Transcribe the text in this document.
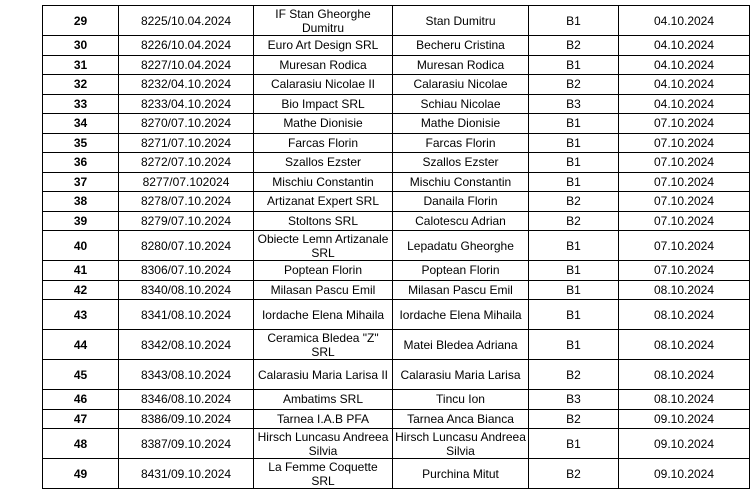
29	8225/10.04.2024	IF Stan Gheorghe Dumitru	Stan Dumitru	B1	04.10.2024
30	8226/10.04.2024	Euro Art Design SRL	Becheru Cristina	B2	04.10.2024
31	8227/10.04.2024	Muresan Rodica	Muresan Rodica	B1	04.10.2024
32	8232/04.10.2024	Calarasiu Nicolae II	Calarasiu Nicolae	B2	04.10.2024
33	8233/04.10.2024	Bio Impact SRL	Schiau Nicolae	B3	04.10.2024
34	8270/07.10.2024	Mathe Dionisie	Mathe Dionisie	B1	07.10.2024
35	8271/07.10.2024	Farcas Florin	Farcas Florin	B1	07.10.2024
36	8272/07.10.2024	Szallos Ezster	Szallos Ezster	B1	07.10.2024
37	8277/07.102024	Mischiu Constantin	Mischiu Constantin	B1	07.10.2024
38	8278/07.10.2024	Artizanat Expert SRL	Danaila Florin	B2	07.10.2024
39	8279/07.10.2024	Stoltons SRL	Calotescu Adrian	B2	07.10.2024
40	8280/07.10.2024	Obiecte Lemn Artizanale SRL	Lepadatu Gheorghe	B1	07.10.2024
41	8306/07.10.2024	Poptean Florin	Poptean Florin	B1	07.10.2024
42	8340/08.10.2024	Milasan Pascu Emil	Milasan Pascu Emil	B1	08.10.2024
43	8341/08.10.2024	Iordache Elena Mihaila	Iordache Elena Mihaila	B1	08.10.2024
44	8342/08.10.2024	Ceramica Bledea "Z" SRL	Matei Bledea Adriana	B1	08.10.2024
45	8343/08.10.2024	Calarasiu Maria Larisa II	Calarasiu Maria Larisa	B2	08.10.2024
46	8346/08.10.2024	Ambatims SRL	Tincu Ion	B3	08.10.2024
47	8386/09.10.2024	Tarnea I.A.B PFA	Tarnea Anca Bianca	B2	09.10.2024
48	8387/09.10.2024	Hirsch Luncasu Andreea Silvia	Hirsch Luncasu Andreea Silvia	B1	09.10.2024
49	8431/09.10.2024	La Femme Coquette SRL	Purchina Mitut	B2	09.10.2024
